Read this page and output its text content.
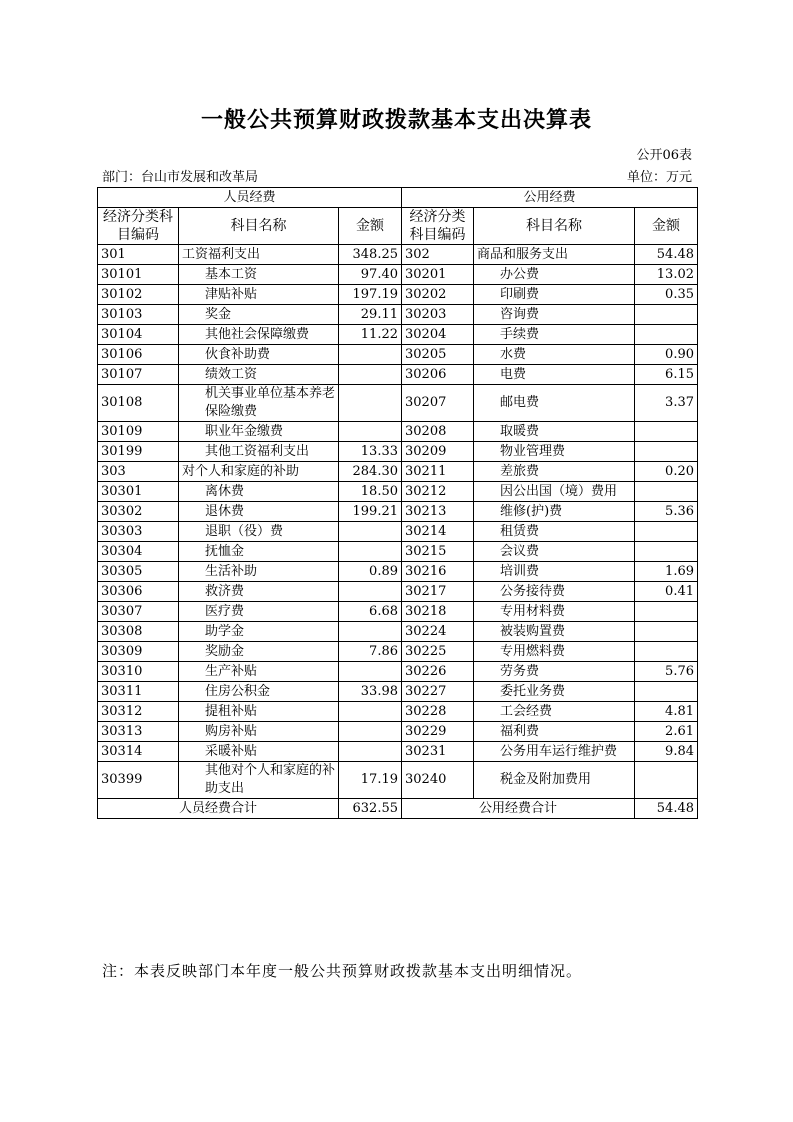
一般公共预算财政拨款基本支出决算表
公开06表
部门：台山市发展和改革局	单位：万元
人员经费			公用经费		
经济分类科目编码	科目名称	金额	经济分类科目编码	科目名称	金额
301	工资福利支出	348.25	302	商品和服务支出	54.48
30101	基本工资	97.40	30201	办公费	13.02
30102	津贴补贴	197.19	30202	印刷费	0.35
30103	奖金	29.11	30203	咨询费	
30104	其他社会保障缴费	11.22	30204	手续费	
30106	伙食补助费		30205	水费	0.90
30107	绩效工资		30206	电费	6.15
30108	机关事业单位基本养老保险缴费		30207	邮电费	3.37
30109	职业年金缴费		30208	取暖费	
30199	其他工资福利支出	13.33	30209	物业管理费	
303	对个人和家庭的补助	284.30	30211	差旅费	0.20
30301	离休费	18.50	30212	因公出国（境）费用	
30302	退休费	199.21	30213	维修(护)费	5.36
30303	退职（役）费		30214	租赁费	
30304	抚恤金		30215	会议费	
30305	生活补助	0.89	30216	培训费	1.69
30306	救济费		30217	公务接待费	0.41
30307	医疗费	6.68	30218	专用材料费	
30308	助学金		30224	被装购置费	
30309	奖励金	7.86	30225	专用燃料费	
30310	生产补贴		30226	劳务费	5.76
30311	住房公积金	33.98	30227	委托业务费	
30312	提租补贴		30228	工会经费	4.81
30313	购房补贴		30229	福利费	2.61
30314	采暖补贴		30231	公务用车运行维护费	9.84
30399	其他对个人和家庭的补助支出	17.19	30240	税金及附加费用	
人员经费合计		632.55	公用经费合计		54.48
注：本表反映部门本年度一般公共预算财政拨款基本支出明细情况。
